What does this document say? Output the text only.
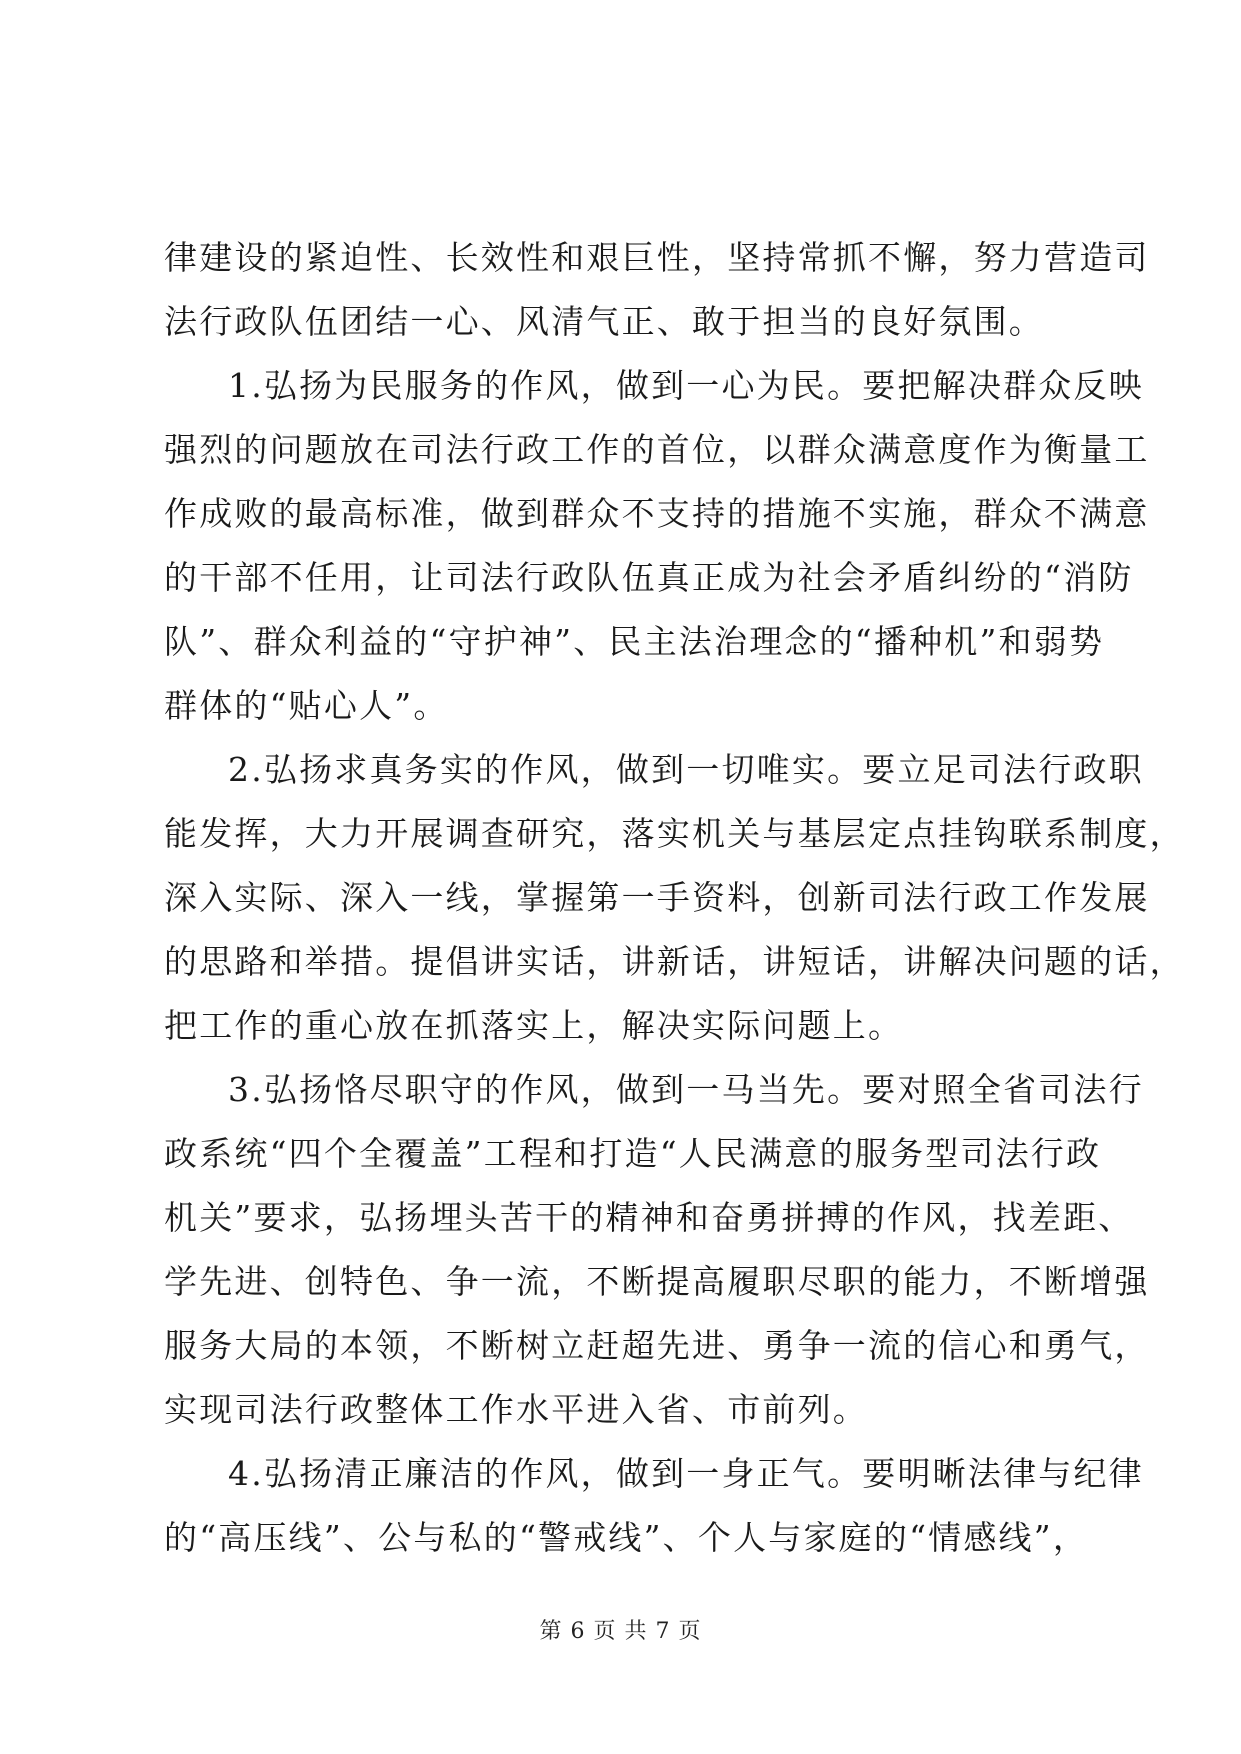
律建设的紧迫性、长效性和艰巨性，坚持常抓不懈，努力营造司
法行政队伍团结一心、风清气正、敢于担当的良好氛围。
1.弘扬为民服务的作风，做到一心为民。要把解决群众反映
强烈的问题放在司法行政工作的首位，以群众满意度作为衡量工
作成败的最高标准，做到群众不支持的措施不实施，群众不满意
的干部不任用，让司法行政队伍真正成为社会矛盾纠纷的“消防
队”、群众利益的“守护神”、民主法治理念的“播种机”和弱势
群体的“贴心人”。
2.弘扬求真务实的作风，做到一切唯实。要立足司法行政职
能发挥，大力开展调查研究，落实机关与基层定点挂钩联系制度，
深入实际、深入一线，掌握第一手资料，创新司法行政工作发展
的思路和举措。提倡讲实话，讲新话，讲短话，讲解决问题的话，
把工作的重心放在抓落实上，解决实际问题上。
3.弘扬恪尽职守的作风，做到一马当先。要对照全省司法行
政系统“四个全覆盖”工程和打造“人民满意的服务型司法行政
机关”要求，弘扬埋头苦干的精神和奋勇拼搏的作风，找差距、
学先进、创特色、争一流，不断提高履职尽职的能力，不断增强
服务大局的本领，不断树立赶超先进、勇争一流的信心和勇气，
实现司法行政整体工作水平进入省、市前列。
4.弘扬清正廉洁的作风，做到一身正气。要明晰法律与纪律
的“高压线”、公与私的“警戒线”、个人与家庭的“情感线”，
第 6 页 共 7 页
